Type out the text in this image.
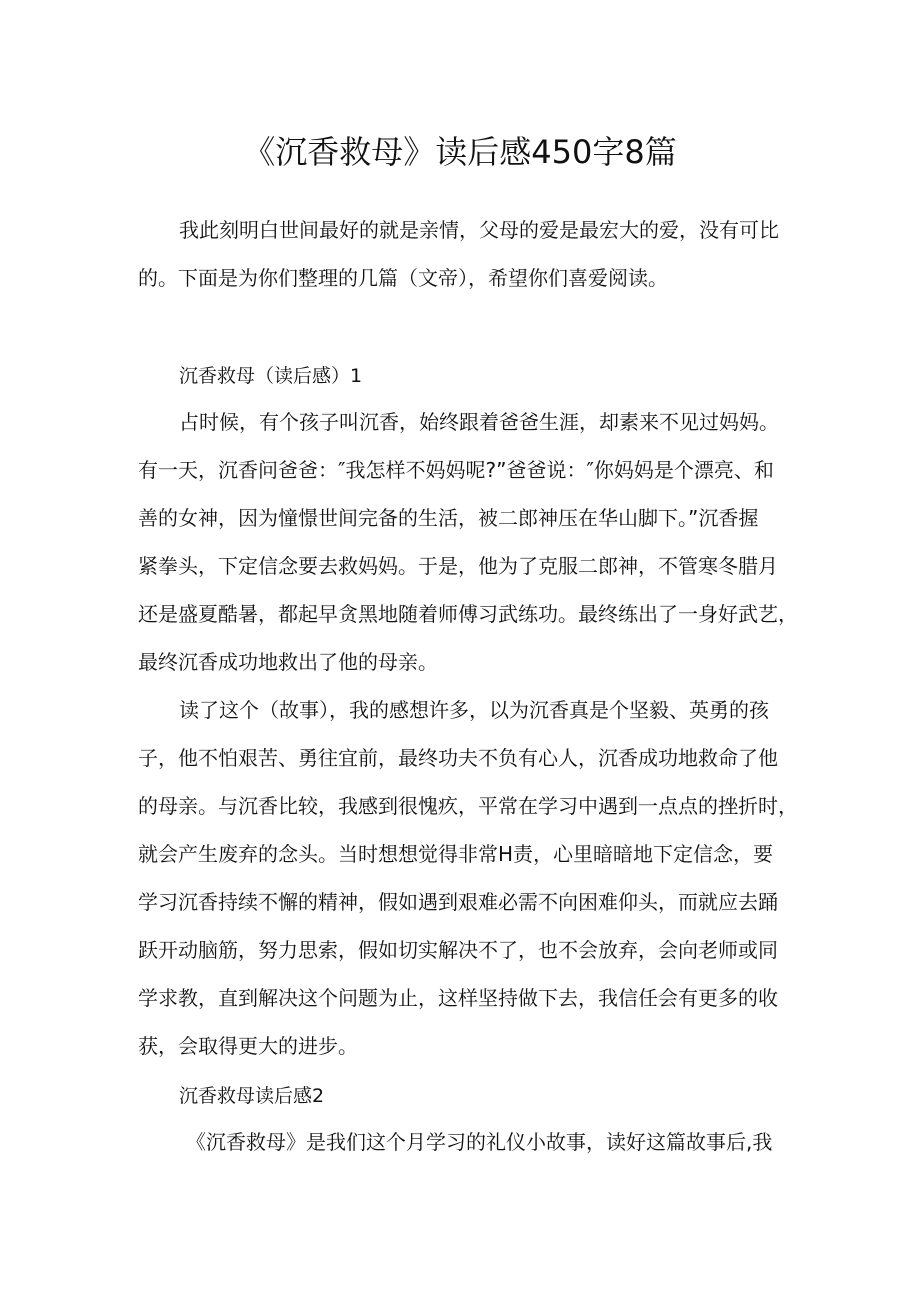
《沉香救母》读后感450字8篇

我此刻明白世间最好的就是亲情，父母的爱是最宏大的爱，没有可比
的。下面是为你们整理的几篇（文帝），希望你们喜爱阅读。

沉香救母（读后感）1

占时候，有个孩子叫沉香，始终跟着爸爸生涯，却素来不见过妈妈。
有一天，沉香问爸爸：″我怎样不妈妈呢?”爸爸说：″你妈妈是个漂亮、和
善的女神，因为憧憬世间完备的生活，被二郎神压在华山脚下。”沉香握
紧拳头，下定信念要去救妈妈。于是，他为了克服二郎神，不管寒冬腊月
还是盛夏酷暑，都起早贪黑地随着师傅习武练功。最终练出了一身好武艺，
最终沉香成功地救出了他的母亲。

读了这个（故事），我的感想许多，以为沉香真是个坚毅、英勇的孩
子，他不怕艰苦、勇往宜前，最终功夫不负有心人，沉香成功地救命了他
的母亲。与沉香比较，我感到很愧疚，平常在学习中遇到一点点的挫折时，
就会产生废弃的念头。当时想想觉得非常H责，心里暗暗地下定信念，要
学习沉香持续不懈的精神，假如遇到艰难必需不向困难仰头，而就应去踊
跃开动脑筋，努力思索，假如切实解决不了，也不会放弃，会向老师或同
学求教，直到解决这个问题为止，这样坚持做下去，我信任会有更多的收
获，会取得更大的进步。

沉香救母读后感2

《沉香救母》是我们这个月学习的礼仪小故事，读好这篇故事后,我
